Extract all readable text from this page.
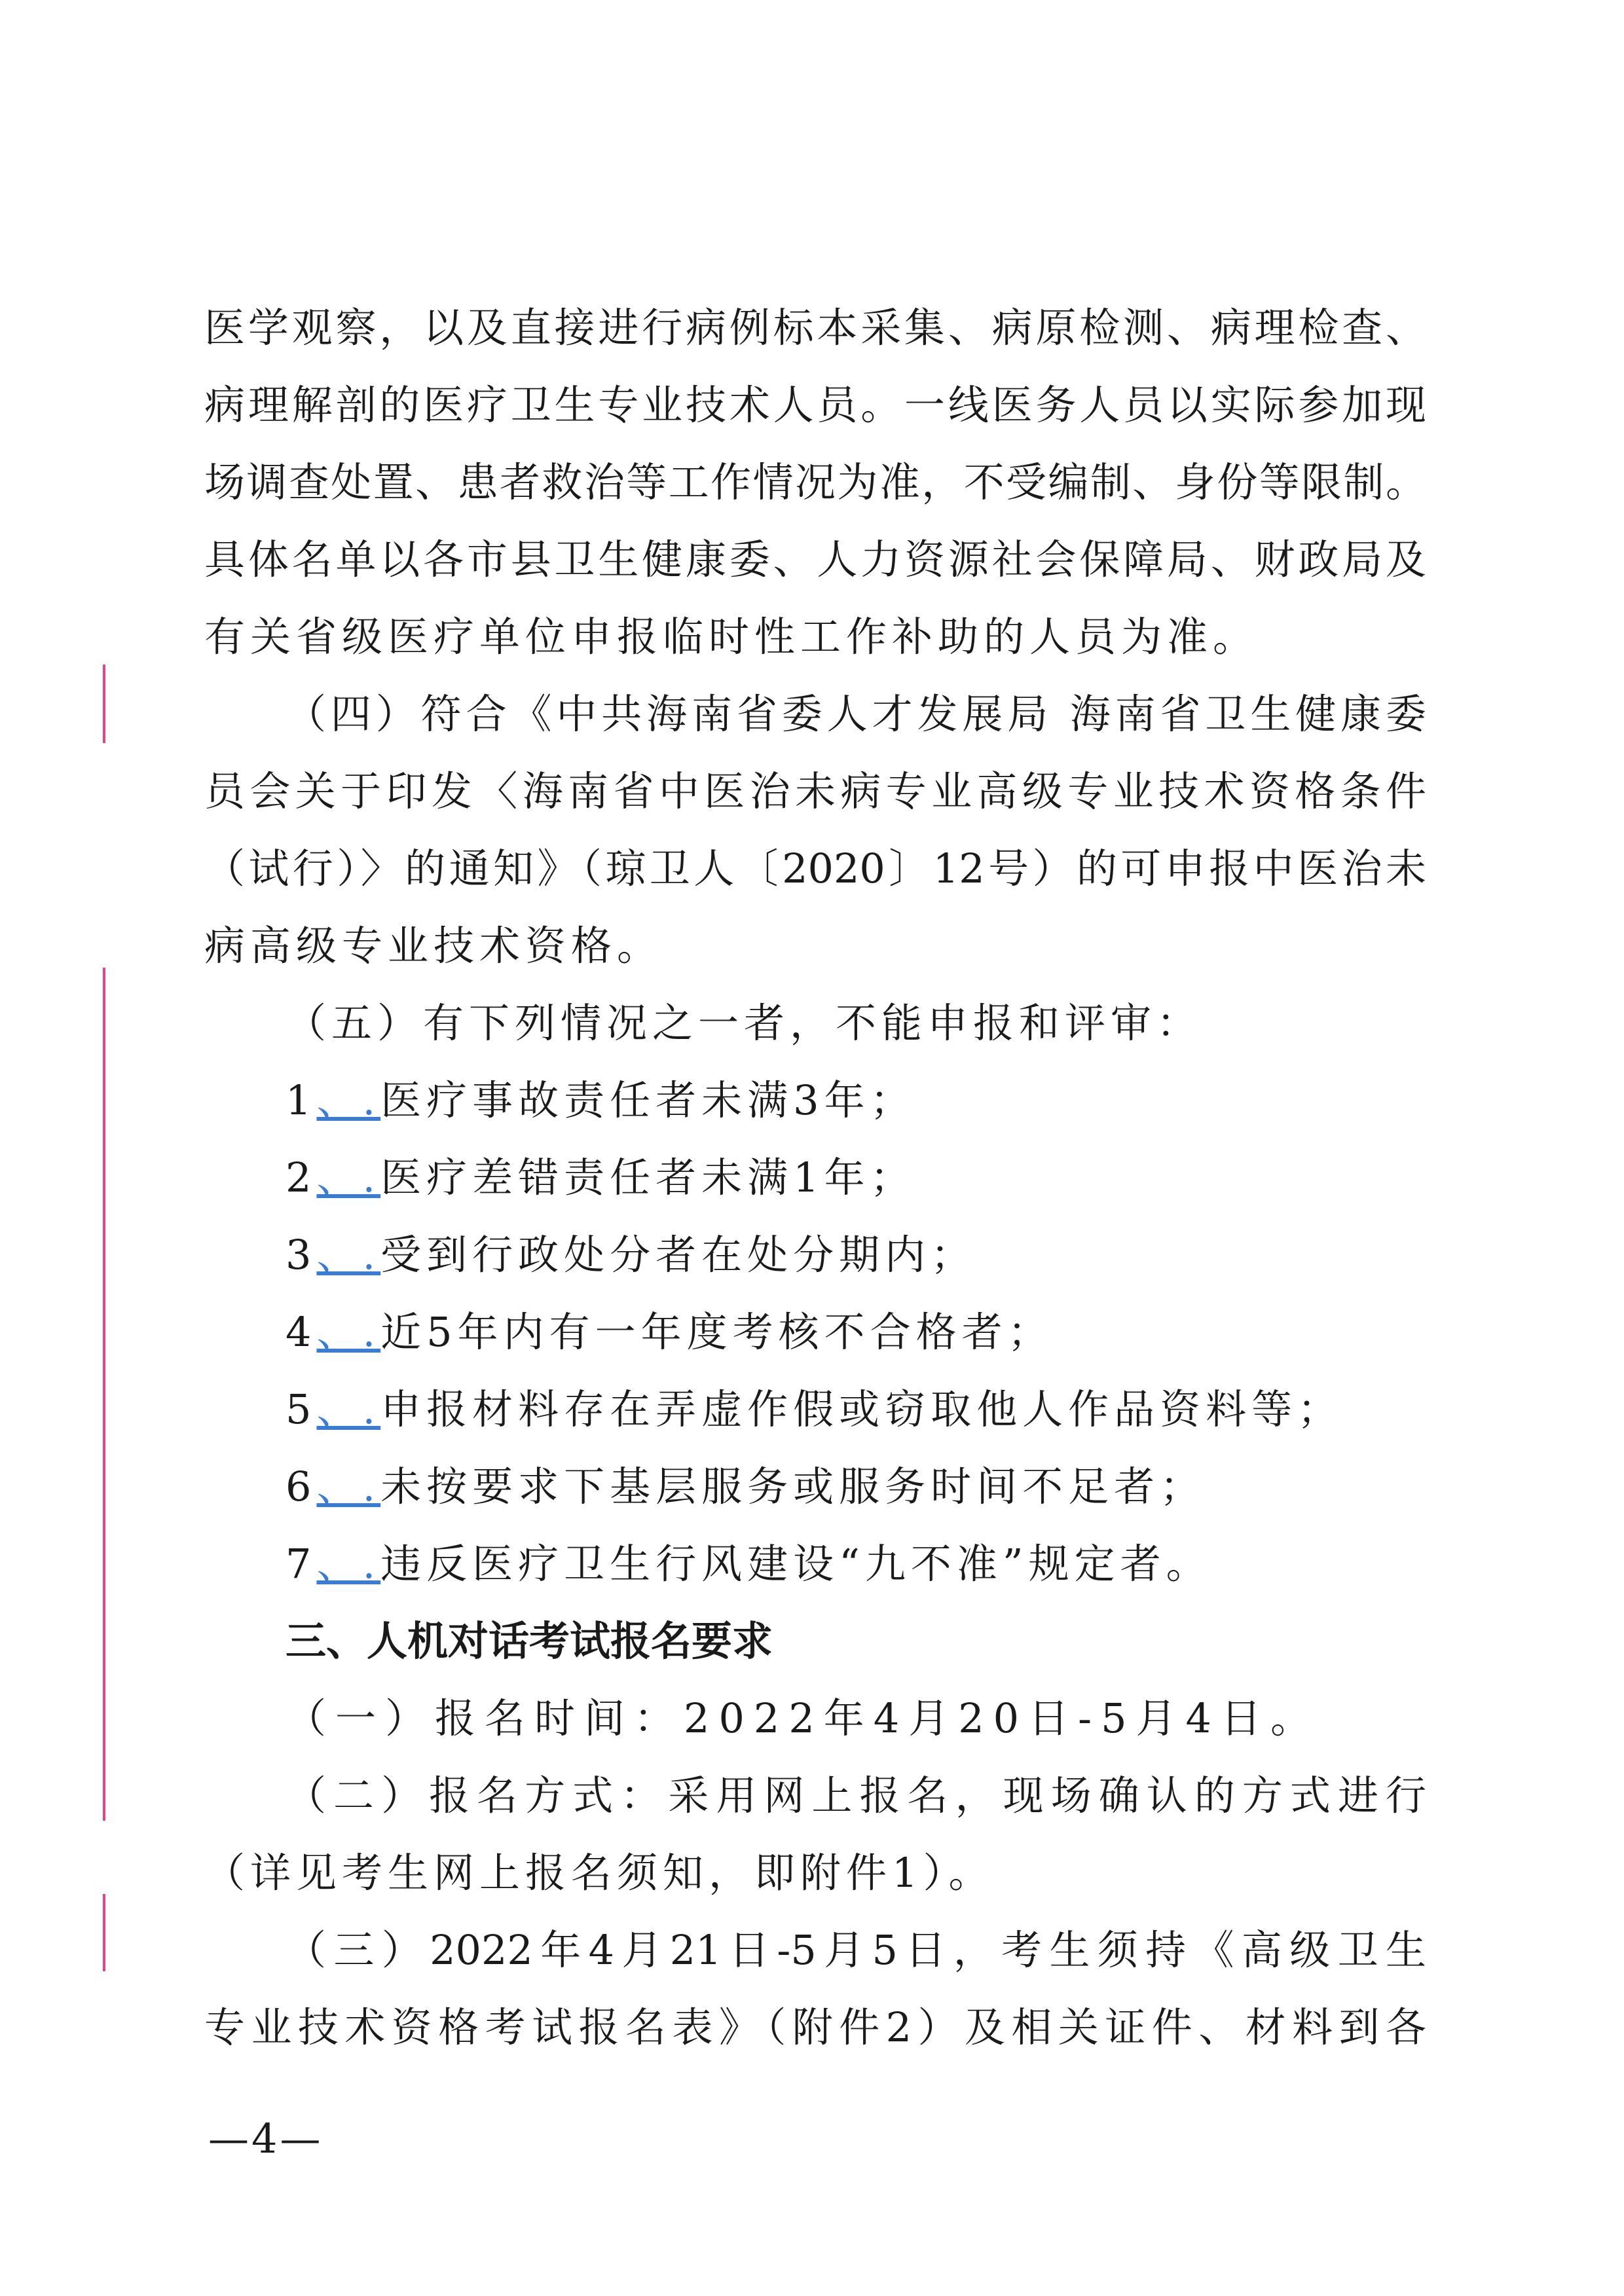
医学观察，以及直接进行病例标本采集、病原检测、病理检查、
病理解剖的医疗卫生专业技术人员。一线医务人员以实际参加现
场调查处置、患者救治等工作情况为准，不受编制、身份等限制。
具体名单以各市县卫生健康委、人力资源社会保障局、财政局及
有关省级医疗单位申报临时性工作补助的人员为准。
（四）符合《中共海南省委人才发展局 海南省卫生健康委
员会关于印发〈海南省中医治未病专业高级专业技术资格条件
（试行）〉的通知》（琼卫人〔2020〕12号）的可申报中医治未
病高级专业技术资格。
（五）有下列情况之一者，不能申报和评审：
1、.医疗事故责任者未满3年；
2、.医疗差错责任者未满1年；
3、.受到行政处分者在处分期内；
4、.近5年内有一年度考核不合格者；
5、.申报材料存在弄虚作假或窃取他人作品资料等；
6、.未按要求下基层服务或服务时间不足者；
7、.违反医疗卫生行风建设“九不准”规定者。
三、人机对话考试报名要求
（一）报名时间：2022年4月20日-5月4日。
（二）报名方式：采用网上报名，现场确认的方式进行
（详见考生网上报名须知，即附件1）。
（三）2022年4月21日-5月5日，考生须持《高级卫生
专业技术资格考试报名表》（附件2）及相关证件、材料到各
—4—
